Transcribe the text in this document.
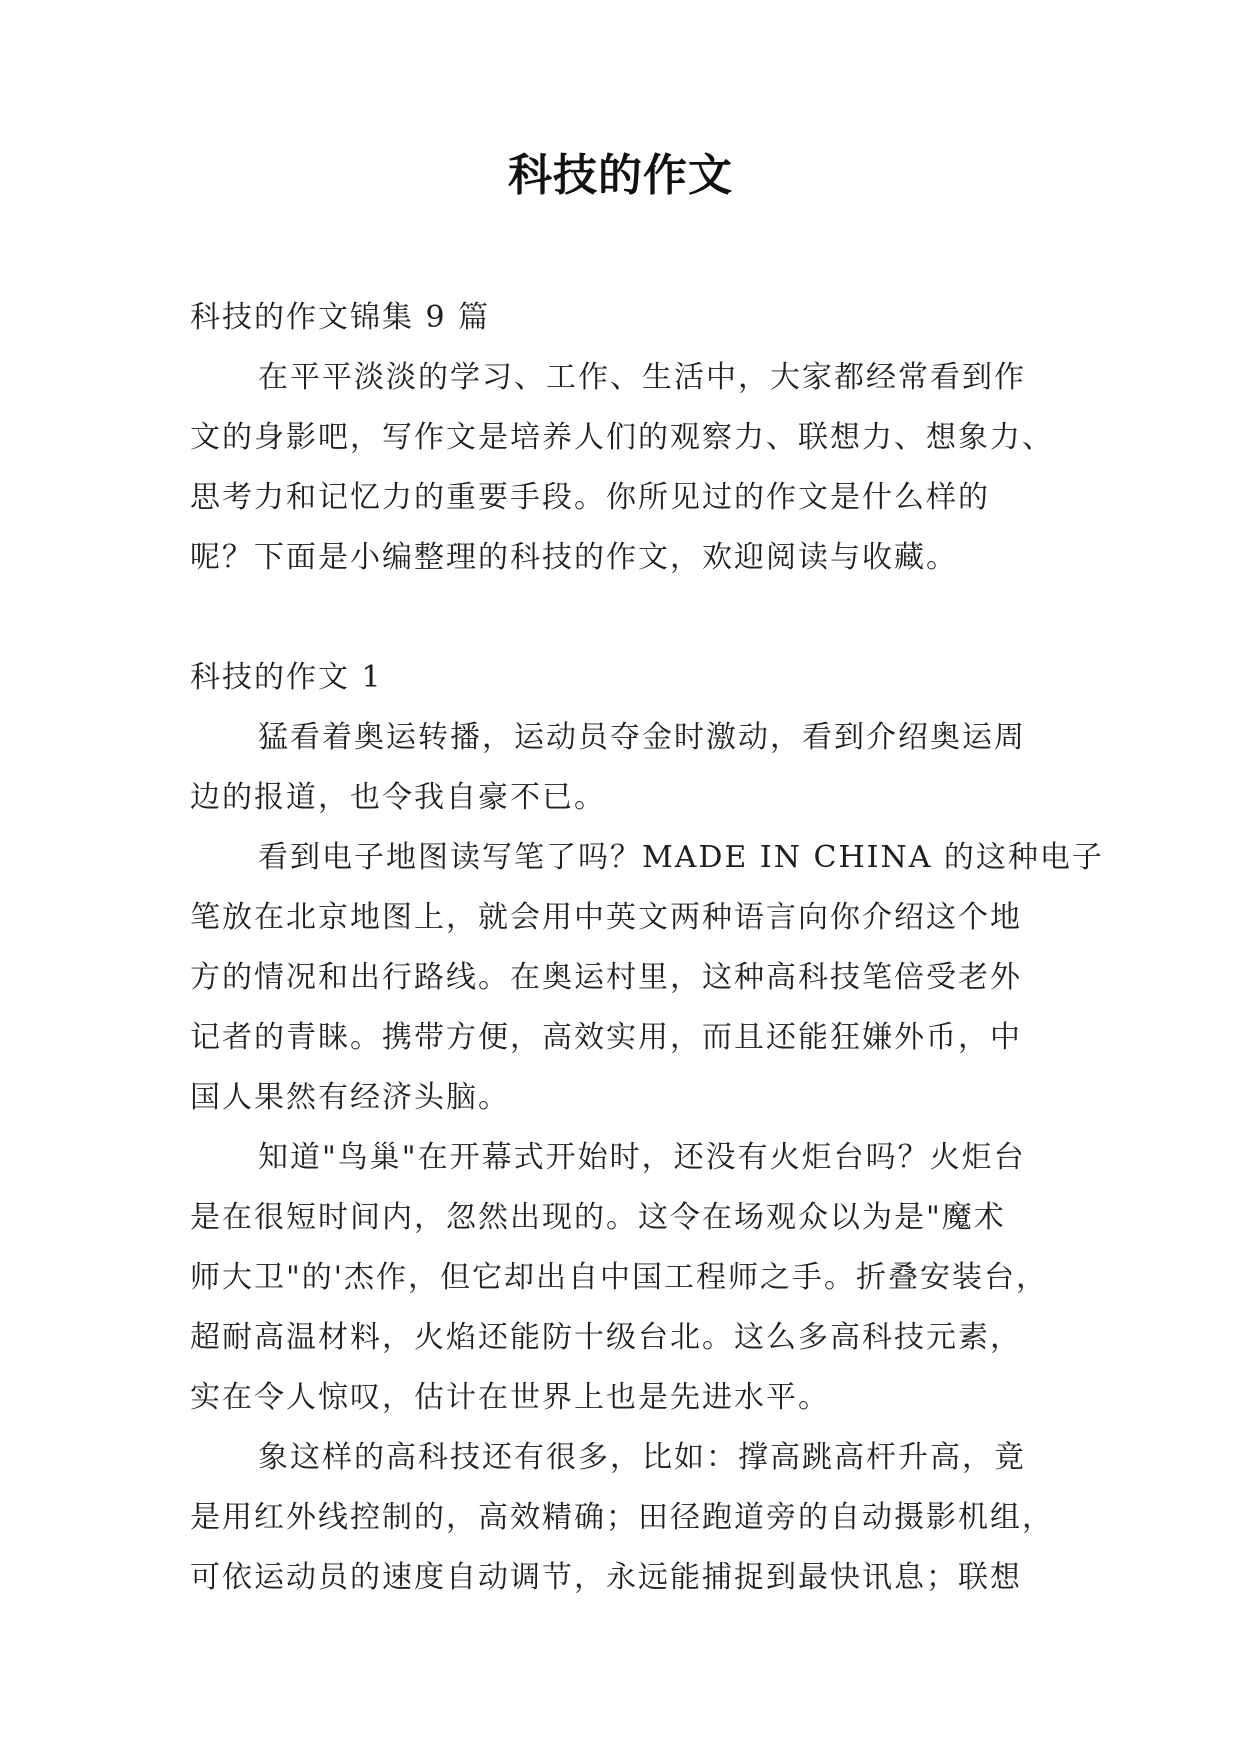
科技的作文
科技的作文锦集 9 篇
在平平淡淡的学习、工作、生活中，大家都经常看到作
文的身影吧，写作文是培养人们的观察力、联想力、想象力、
思考力和记忆力的重要手段。你所见过的作文是什么样的
呢？下面是小编整理的科技的作文，欢迎阅读与收藏。
科技的作文 1
猛看着奥运转播，运动员夺金时激动，看到介绍奥运周
边的报道，也令我自豪不已。
看到电子地图读写笔了吗？MADE IN CHINA 的这种电子
笔放在北京地图上，就会用中英文两种语言向你介绍这个地
方的情况和出行路线。在奥运村里，这种高科技笔倍受老外
记者的青睐。携带方便，高效实用，而且还能狂嫌外币，中
国人果然有经济头脑。
知道"鸟巢"在开幕式开始时，还没有火炬台吗？火炬台
是在很短时间内，忽然出现的。这令在场观众以为是"魔术
师大卫"的'杰作，但它却出自中国工程师之手。折叠安装台，
超耐高温材料，火焰还能防十级台北。这么多高科技元素，
实在令人惊叹，估计在世界上也是先进水平。
象这样的高科技还有很多，比如：撑高跳高杆升高，竟
是用红外线控制的，高效精确；田径跑道旁的自动摄影机组，
可依运动员的速度自动调节，永远能捕捉到最快讯息；联想
